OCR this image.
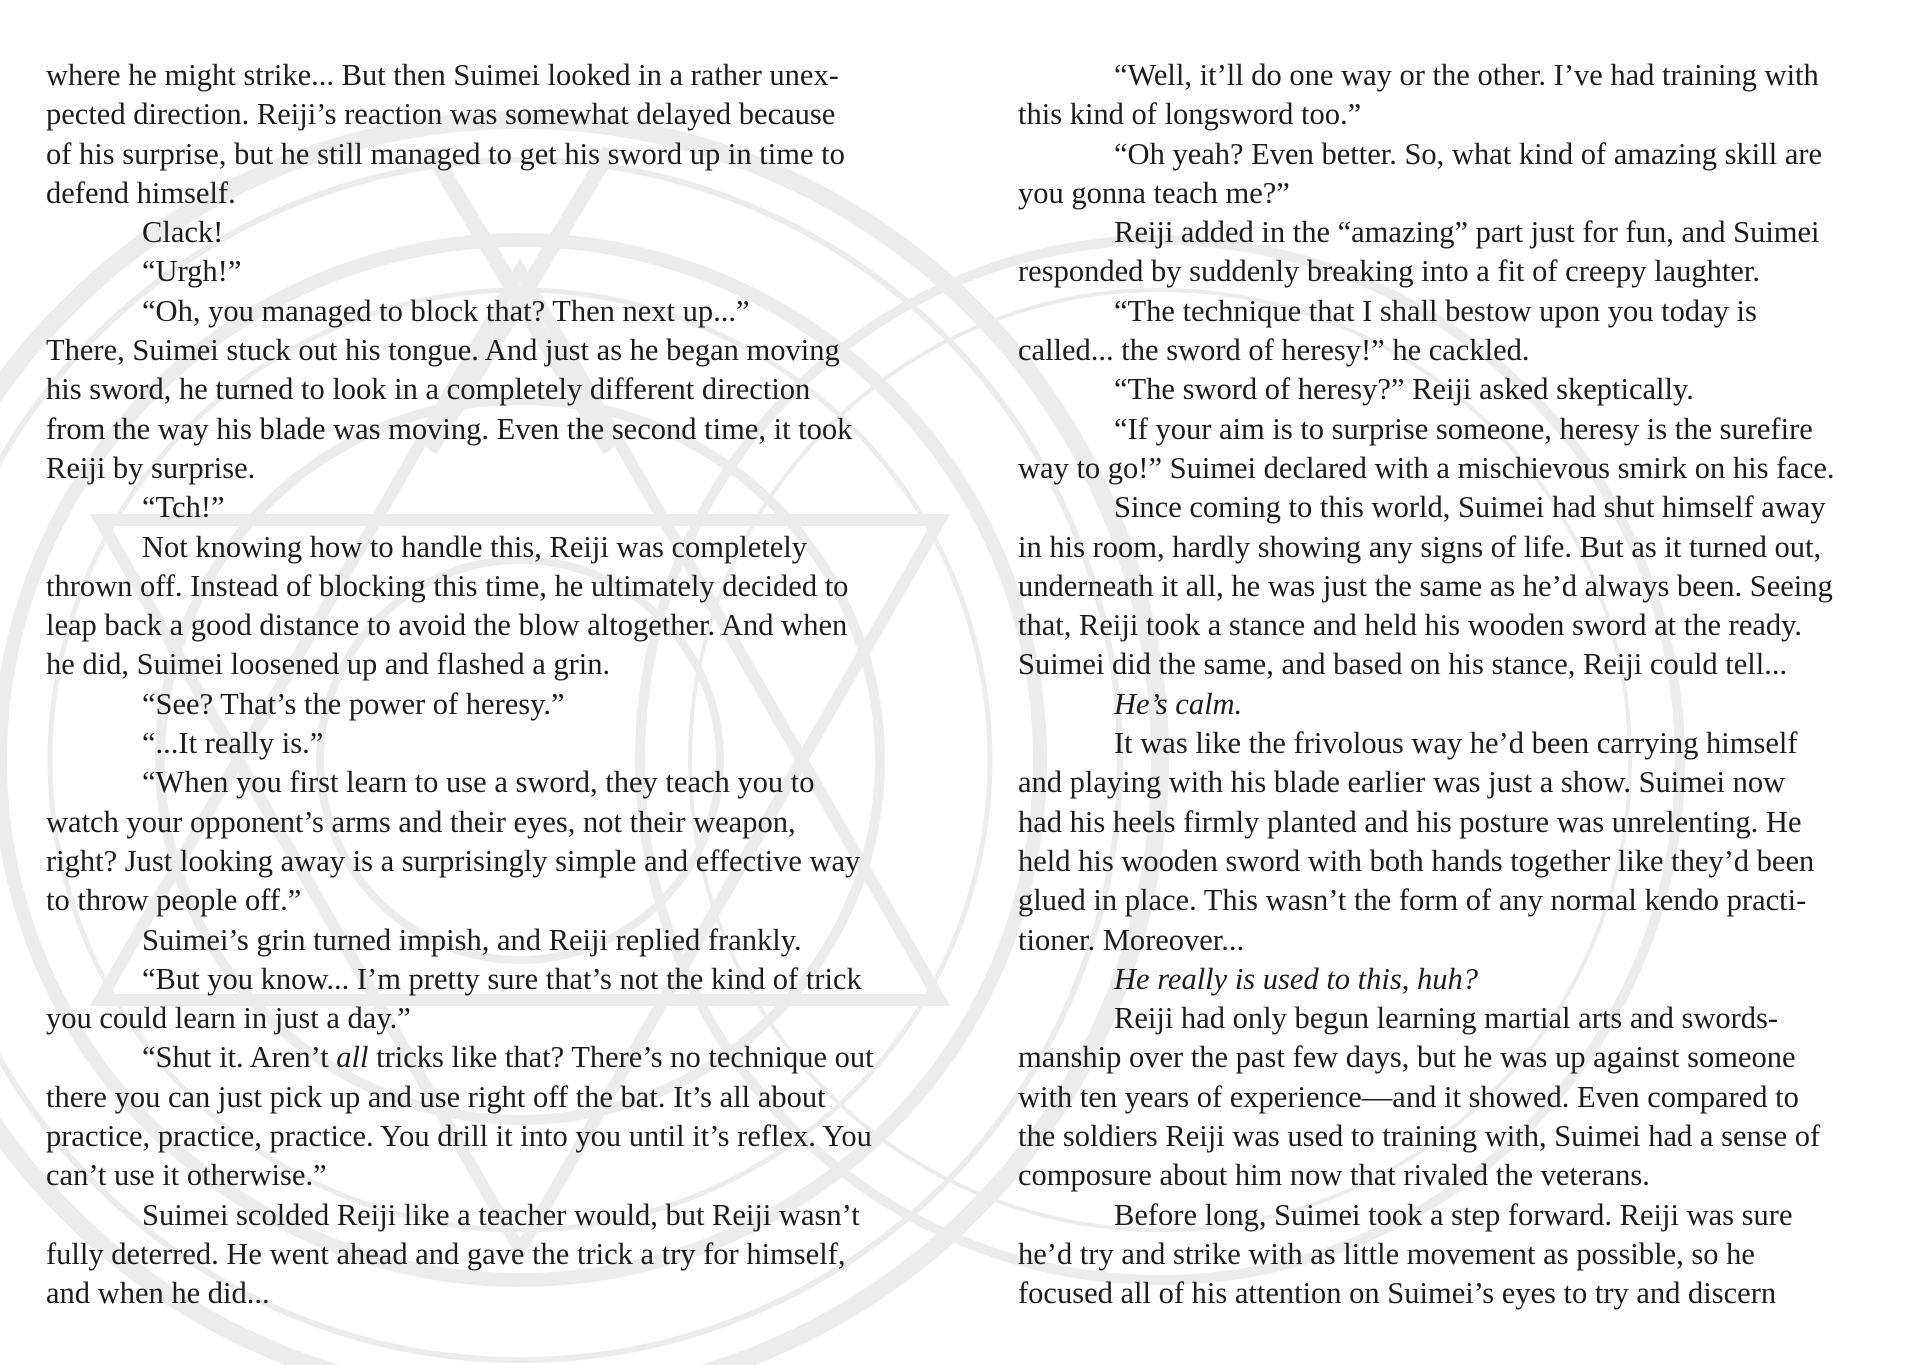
where he might strike... But then Suimei looked in a rather unex-
pected direction. Reiji’s reaction was somewhat delayed because
of his surprise, but he still managed to get his sword up in time to
defend himself.
Clack!
“Urgh!”
“Oh, you managed to block that? Then next up...”
There, Suimei stuck out his tongue. And just as he began moving
his sword, he turned to look in a completely different direction
from the way his blade was moving. Even the second time, it took
Reiji by surprise.
“Tch!”
Not knowing how to handle this, Reiji was completely
thrown off. Instead of blocking this time, he ultimately decided to
leap back a good distance to avoid the blow altogether. And when
he did, Suimei loosened up and flashed a grin.
“See? That’s the power of heresy.”
“...It really is.”
“When you first learn to use a sword, they teach you to
watch your opponent’s arms and their eyes, not their weapon,
right? Just looking away is a surprisingly simple and effective way
to throw people off.”
Suimei’s grin turned impish, and Reiji replied frankly.
“But you know... I’m pretty sure that’s not the kind of trick
you could learn in just a day.”
“Shut it. Aren’t all tricks like that? There’s no technique out
there you can just pick up and use right off the bat. It’s all about
practice, practice, practice. You drill it into you until it’s reflex. You
can’t use it otherwise.”
Suimei scolded Reiji like a teacher would, but Reiji wasn’t
fully deterred. He went ahead and gave the trick a try for himself,
and when he did...
“Well, it’ll do one way or the other. I’ve had training with
this kind of longsword too.”
“Oh yeah? Even better. So, what kind of amazing skill are
you gonna teach me?”
Reiji added in the “amazing” part just for fun, and Suimei
responded by suddenly breaking into a fit of creepy laughter.
“The technique that I shall bestow upon you today is
called... the sword of heresy!” he cackled.
“The sword of heresy?” Reiji asked skeptically.
“If your aim is to surprise someone, heresy is the surefire
way to go!” Suimei declared with a mischievous smirk on his face.
Since coming to this world, Suimei had shut himself away
in his room, hardly showing any signs of life. But as it turned out,
underneath it all, he was just the same as he’d always been. Seeing
that, Reiji took a stance and held his wooden sword at the ready.
Suimei did the same, and based on his stance, Reiji could tell...
He’s calm.
It was like the frivolous way he’d been carrying himself
and playing with his blade earlier was just a show. Suimei now
had his heels firmly planted and his posture was unrelenting. He
held his wooden sword with both hands together like they’d been
glued in place. This wasn’t the form of any normal kendo practi-
tioner. Moreover...
He really is used to this, huh?
Reiji had only begun learning martial arts and swords-
manship over the past few days, but he was up against someone
with ten years of experience—and it showed. Even compared to
the soldiers Reiji was used to training with, Suimei had a sense of
composure about him now that rivaled the veterans.
Before long, Suimei took a step forward. Reiji was sure
he’d try and strike with as little movement as possible, so he
focused all of his attention on Suimei’s eyes to try and discern
